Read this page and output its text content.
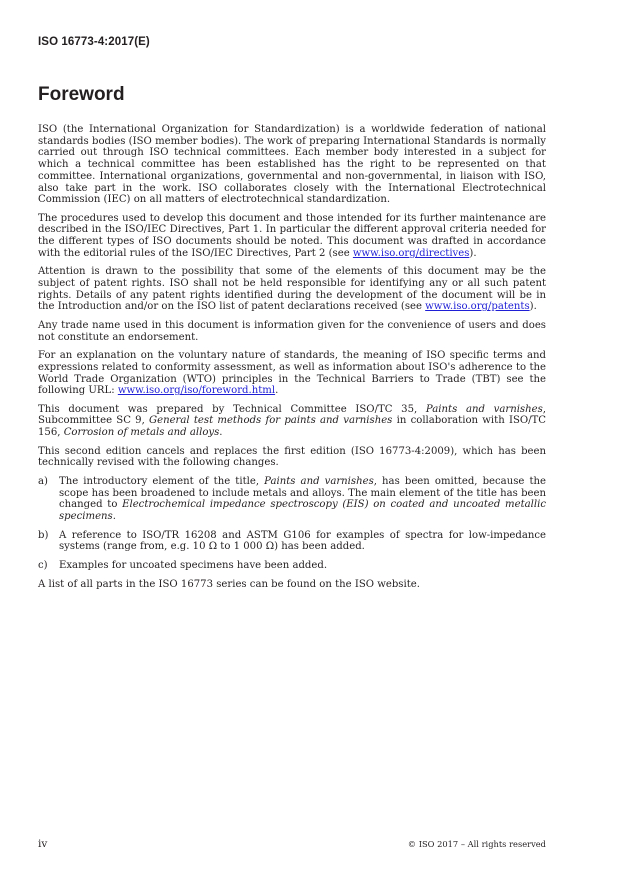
ISO 16773-4:2017(E)
Foreword

ISO (the International Organization for Standardization) is a worldwide federation of national standards bodies (ISO member bodies). The work of preparing International Standards is normally carried out through ISO technical committees. Each member body interested in a subject for which a technical committee has been established has the right to be represented on that committee. International organizations, governmental and non-governmental, in liaison with ISO, also take part in the work. ISO collaborates closely with the International Electrotechnical Commission (IEC) on all matters of electrotechnical standardization.

The procedures used to develop this document and those intended for its further maintenance are described in the ISO/IEC Directives, Part 1. In particular the different approval criteria needed for the different types of ISO documents should be noted. This document was drafted in accordance with the editorial rules of the ISO/IEC Directives, Part 2 (see www.iso.org/directives).

Attention is drawn to the possibility that some of the elements of this document may be the subject of patent rights. ISO shall not be held responsible for identifying any or all such patent rights. Details of any patent rights identified during the development of the document will be in the Introduction and/or on the ISO list of patent declarations received (see www.iso.org/patents).

Any trade name used in this document is information given for the convenience of users and does not constitute an endorsement.

For an explanation on the voluntary nature of standards, the meaning of ISO specific terms and expressions related to conformity assessment, as well as information about ISO's adherence to the World Trade Organization (WTO) principles in the Technical Barriers to Trade (TBT) see the following URL: www.iso.org/iso/foreword.html.

This document was prepared by Technical Committee ISO/TC 35, Paints and varnishes, Subcommittee SC 9, General test methods for paints and varnishes in collaboration with ISO/TC 156, Corrosion of metals and alloys.

This second edition cancels and replaces the first edition (ISO 16773-4:2009), which has been technically revised with the following changes.

a)	The introductory element of the title, Paints and varnishes, has been omitted, because the scope has been broadened to include metals and alloys. The main element of the title has been changed to Electrochemical impedance spectroscopy (EIS) on coated and uncoated metallic specimens.
b)	A reference to ISO/TR 16208 and ASTM G106 for examples of spectra for low-impedance systems (range from, e.g. 10 Ω to 1 000 Ω) has been added.
c)	Examples for uncoated specimens have been added.

A list of all parts in the ISO 16773 series can be found on the ISO website.

iv	© ISO 2017 – All rights reserved
